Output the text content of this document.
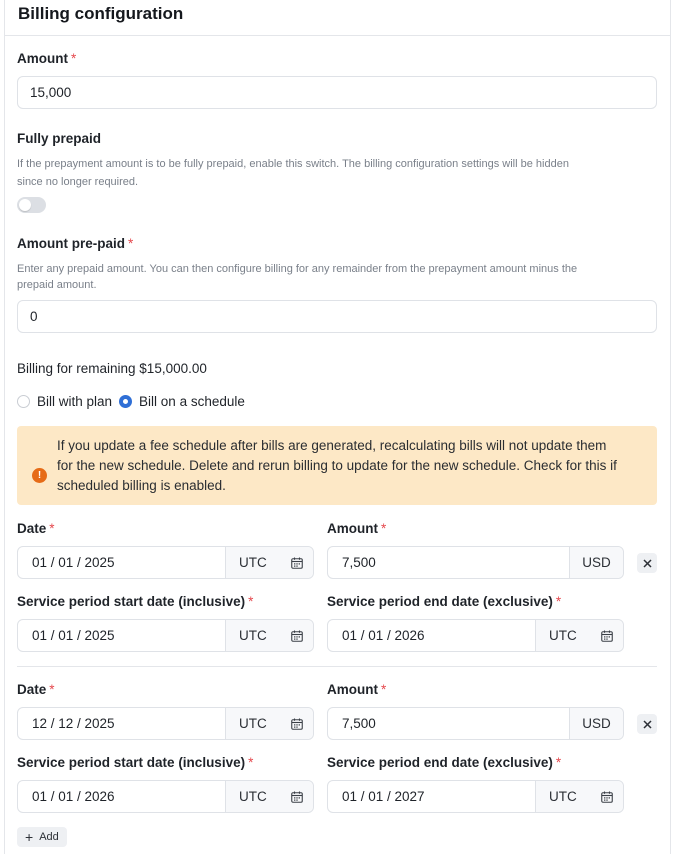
Billing configuration
Amount *
15,000
Fully prepaid
If the prepayment amount is to be fully prepaid, enable this switch. The billing configuration settings will be hidden
since no longer required.
Amount pre-paid *
Enter any prepaid amount. You can then configure billing for any remainder from the prepayment amount minus the
prepaid amount.
0
Billing for remaining $15,000.00
Bill with plan Bill on a schedule
!
If you update a fee schedule after bills are generated, recalculating bills will not update them
for the new schedule. Delete and rerun billing to update for the new schedule. Check for this if
scheduled billing is enabled.
Date *	Amount *
01 / 01 / 2025	UTC	7,500	USD
Service period start date (inclusive) *	Service period end date (exclusive) *
01 / 01 / 2025	UTC	01 / 01 / 2026	UTC
Date *	Amount *
12 / 12 / 2025	UTC	7,500	USD
Service period start date (inclusive) *	Service period end date (exclusive) *
01 / 01 / 2026	UTC	01 / 01 / 2027	UTC
+ Add
